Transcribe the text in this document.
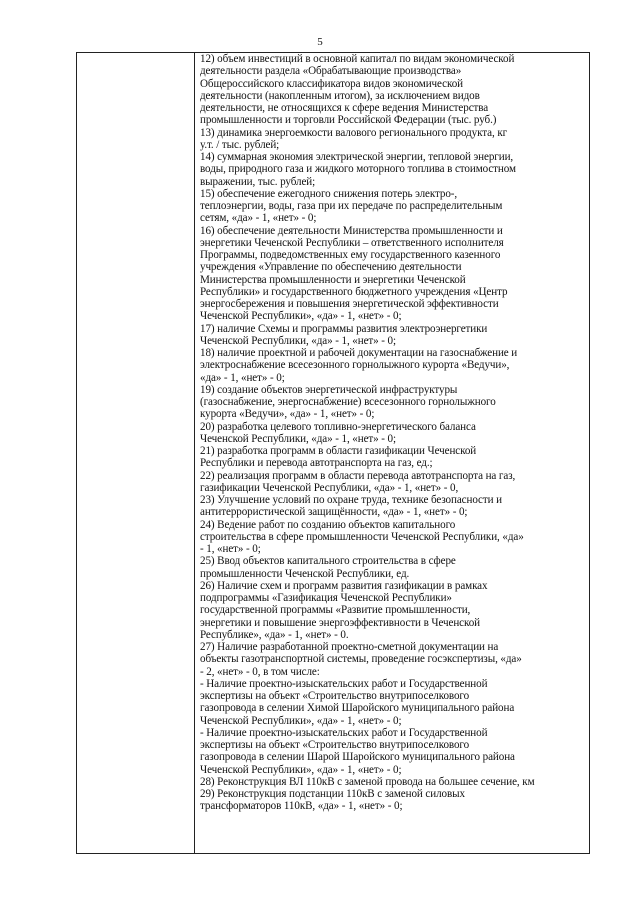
5
12) объем инвестиций в основной капитал по видам экономической
деятельности раздела «Обрабатывающие производства»
Общероссийского классификатора видов экономической
деятельности (накопленным итогом), за исключением видов
деятельности, не относящихся к сфере ведения Министерства
промышленности и торговли Российской Федерации (тыс. руб.)
13) динамика энергоемкости валового регионального продукта, кг
у.т. / тыс. рублей;
14) суммарная экономия электрической энергии, тепловой энергии,
воды, природного газа и жидкого моторного топлива в стоимостном
выражении, тыс. рублей;
15) обеспечение ежегодного снижения потерь электро-,
теплоэнергии, воды, газа при их передаче по распределительным
сетям, «да» - 1, «нет» - 0;
16) обеспечение деятельности Министерства промышленности и
энергетики Чеченской Республики – ответственного исполнителя
Программы, подведомственных ему государственного казенного
учреждения «Управление по обеспечению деятельности
Министерства промышленности и энергетики Чеченской
Республики» и государственного бюджетного учреждения «Центр
энергосбережения и повышения энергетической эффективности
Чеченской Республики», «да» - 1, «нет» - 0;
17) наличие Схемы и программы развития электроэнергетики
Чеченской Республики, «да» - 1, «нет» - 0;
18) наличие проектной и рабочей документации на газоснабжение и
электроснабжение всесезонного горнолыжного курорта «Ведучи»,
«да» - 1, «нет» - 0;
19) создание объектов энергетической инфраструктуры
(газоснабжение, энергоснабжение) всесезонного горнолыжного
курорта «Ведучи», «да» - 1, «нет» - 0;
20) разработка целевого топливно-энергетического баланса
Чеченской Республики, «да» - 1, «нет» - 0;
21) разработка программ в области газификации Чеченской
Республики и перевода автотранспорта на газ, ед.;
22) реализация программ в области перевода автотранспорта на газ,
газификации Чеченской Республики, «да» - 1, «нет» - 0,
23) Улучшение условий по охране труда, технике безопасности и
антитеррористической защищённости, «да» - 1, «нет» - 0;
24) Ведение работ по созданию объектов капитального
строительства в сфере промышленности Чеченской Республики, «да»
- 1, «нет» - 0;
25) Ввод объектов капитального строительства в сфере
промышленности Чеченской Республики, ед.
26) Наличие схем и программ развития газификации в рамках
подпрограммы «Газификация Чеченской Республики»
государственной программы «Развитие промышленности,
энергетики и повышение энергоэффективности в Чеченской
Республике», «да» - 1, «нет» - 0.
27) Наличие разработанной проектно-сметной документации на
объекты газотранспортной системы, проведение госэкспертизы, «да»
- 2, «нет» - 0, в том числе:
- Наличие проектно-изыскательских работ и Государственной
экспертизы на объект «Строительство внутрипоселкового
газопровода в селении Химой Шаройского муниципального района
Чеченской Республики», «да» - 1, «нет» - 0;
- Наличие проектно-изыскательских работ и Государственной
экспертизы на объект «Строительство внутрипоселкового
газопровода в селении Шарой Шаройского муниципального района
Чеченской Республики», «да» - 1, «нет» - 0;
28) Реконструкция ВЛ 110кВ с заменой провода на большее сечение, км
29) Реконструкция подстанции 110кВ с заменой силовых
трансформаторов 110кВ, «да» - 1, «нет» - 0;
